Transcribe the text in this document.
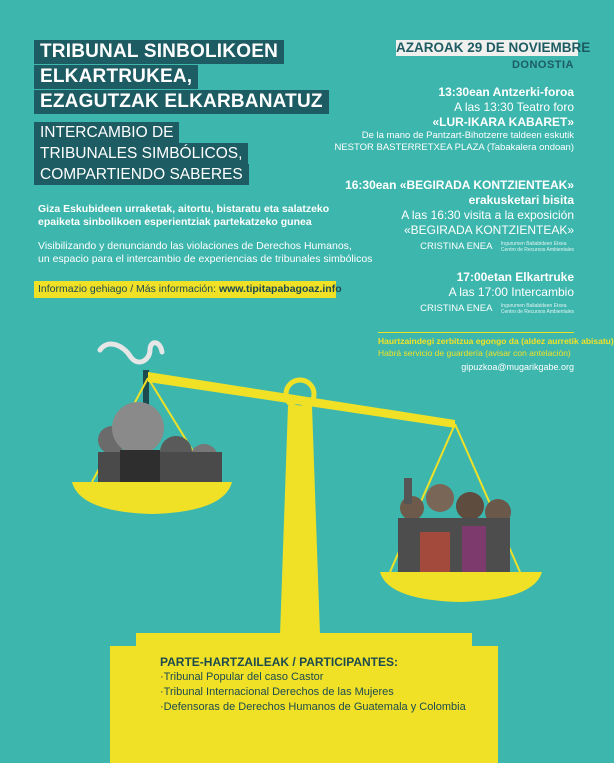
TRIBUNAL SINBOLIKOEN
ELKARTRUKEA,
EZAGUTZAK ELKARBANATUZ
INTERCAMBIO DE
TRIBUNALES SIMBÓLICOS,
COMPARTIENDO SABERES
Giza Eskubideen urraketak, aitortu, bistaratu eta salatzeko
epaiketa sinbolikoen esperientziak partekatzeko gunea
Visibilizando y denunciando las violaciones de Derechos Humanos,
un espacio para el intercambio de experiencias de tribunales simbólicos
Informazio gehiago / Más información: www.tipitapabagoaz.info
AZAROAK 29 DE NOVIEMBRE
DONOSTIA
13:30ean Antzerki-foroa
A las 13:30 Teatro foro
«LUR-IKARA KABARET»
De la mano de Pantzart-Bihotzerre taldeen eskutik
NESTOR BASTERRETXEA PLAZA (Tabakalera ondoan)
16:30ean «BEGIRADA KONTZIENTEAK»
erakusketari bisita
A las 16:30 visita a la exposición
«BEGIRADA KONTZIENTEAK»
CRISTINA ENEA Ingurumen Baliabideen Etxea
Centro de Recursos Ambientales
17:00etan Elkartruke
A las 17:00 Intercambio
CRISTINA ENEA Ingurumen Baliabideen Etxea
Centro de Recursos Ambientales
Haurtzaindegi zerbitzua egongo da (aldez aurretik abisatu)
Habrá servicio de guardería (avisar con antelación)
gipuzkoa@mugarikgabe.org
PARTE-HARTZAILEAK / PARTICIPANTES:
· Tribunal Popular del caso Castor
· Tribunal Internacional Derechos de las Mujeres
· Defensoras de Derechos Humanos de Guatemala y Colombia
